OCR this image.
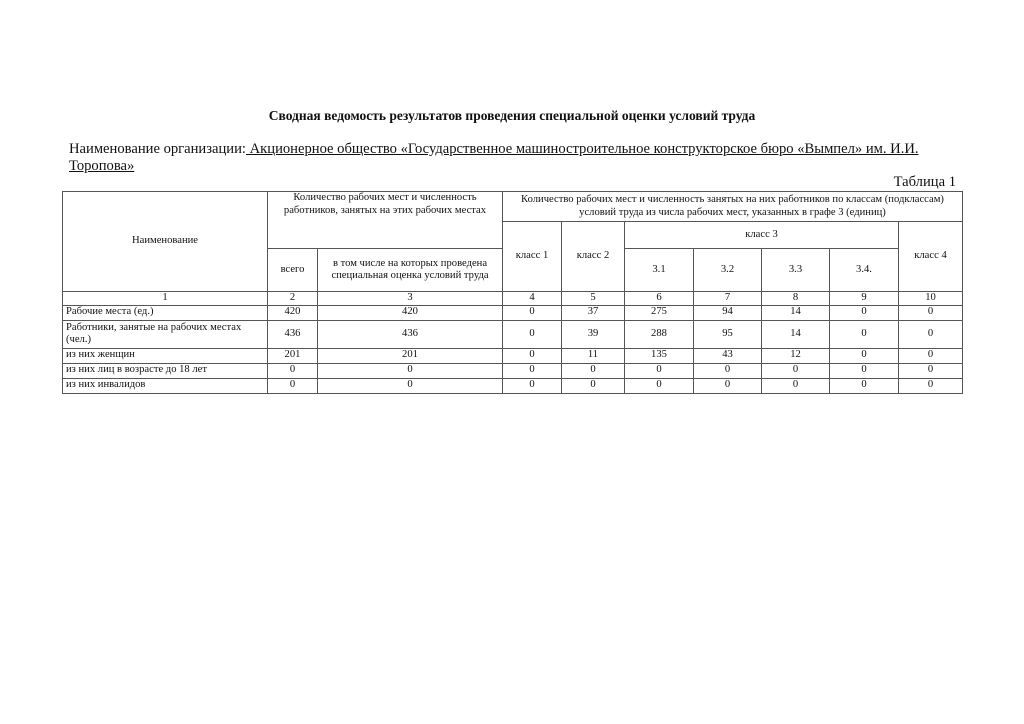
Сводная ведомость результатов проведения специальной оценки условий труда
Наименование организации: Акционерное общество «Государственное машиностроительное конструкторское бюро «Вымпел» им. И.И. Торопова»
Таблица 1
Наименование	Количество рабочих мест и численность работников, занятых на этих рабочих местах		Количество рабочих мест и численность занятых на них работников по классам (подклассам) условий труда из числа рабочих мест, указанных в графе 3 (единиц)						
			класс 1	класс 2	класс 3				класс 4
	всего	в том числе на которых проведена специальная оценка условий труда			3.1	3.2	3.3	3.4.	
1	2	3	4	5	6	7	8	9	10
Рабочие места (ед.)	420	420	0	37	275	94	14	0	0
Работники, занятые на рабочих местах (чел.)	436	436	0	39	288	95	14	0	0
из них женщин	201	201	0	11	135	43	12	0	0
из них лиц в возрасте до 18 лет	0	0	0	0	0	0	0	0	0
из них инвалидов	0	0	0	0	0	0	0	0	0
